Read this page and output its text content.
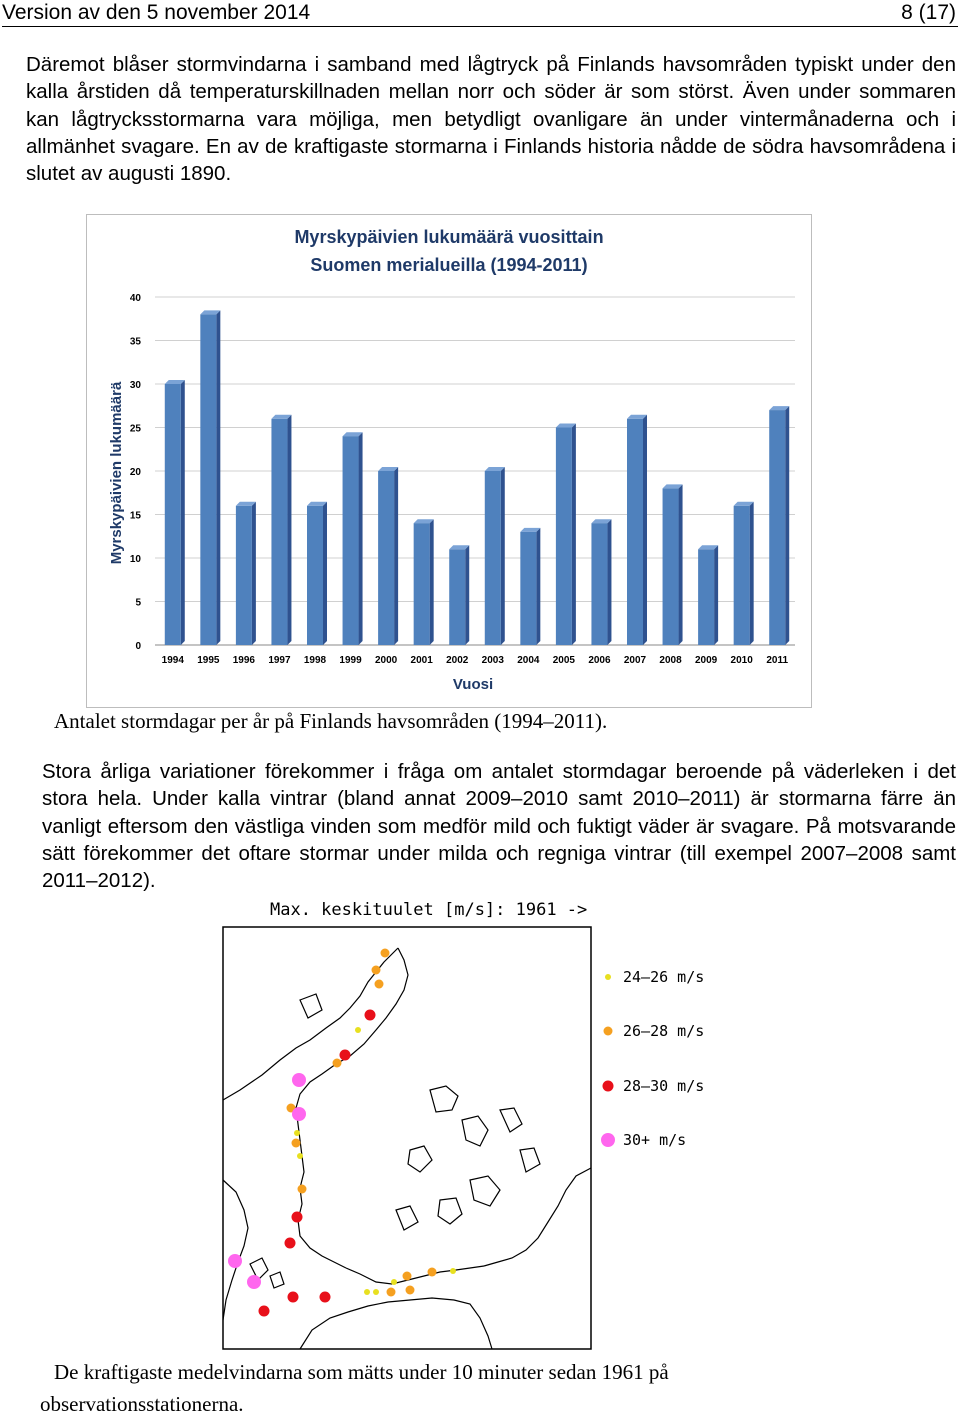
Version av den 5 november 2014	8 (17)

Däremot blåser stormvindarna i samband med lågtryck på Finlands havsområden typiskt under den kalla årstiden då temperaturskillnaden mellan norr och söder är som störst. Även under sommaren kan lågtrycksstormarna vara möjliga, men betydligt ovanligare än under vintermånaderna och i allmänhet svagare. En av de kraftigaste stormarna i Finlands historia nådde de södra havsområdena i slutet av augusti 1890.

Myrskypäivien lukumäärä vuosittain
Suomen merialueilla (1994-2011)
Vuosi
Myrskypäivien lukumäärä
0
5
10
15
20
25
30
35
40
1994 1995 1996 1997 1998 1999 2000 2001 2002 2003 2004 2005 2006 2007 2008 2009 2010 2011

Antalet stormdagar per år på Finlands havsområden (1994–2011).

Stora årliga variationer förekommer i fråga om antalet stormdagar beroende på väderleken i det stora hela. Under kalla vintrar (bland annat 2009–2010 samt 2010–2011) är stormarna färre än vanligt eftersom den västliga vinden som medför mild och fuktigt väder är svagare. På motsvarande sätt förekommer det oftare stormar under milda och regniga vintrar (till exempel 2007–2008 samt 2011–2012).

Max. keskituulet [m/s]: 1961 ->
24–26 m/s
26–28 m/s
28–30 m/s
30+ m/s

De kraftigaste medelvindarna som mätts under 10 minuter sedan 1961 på

observationsstationerna.
